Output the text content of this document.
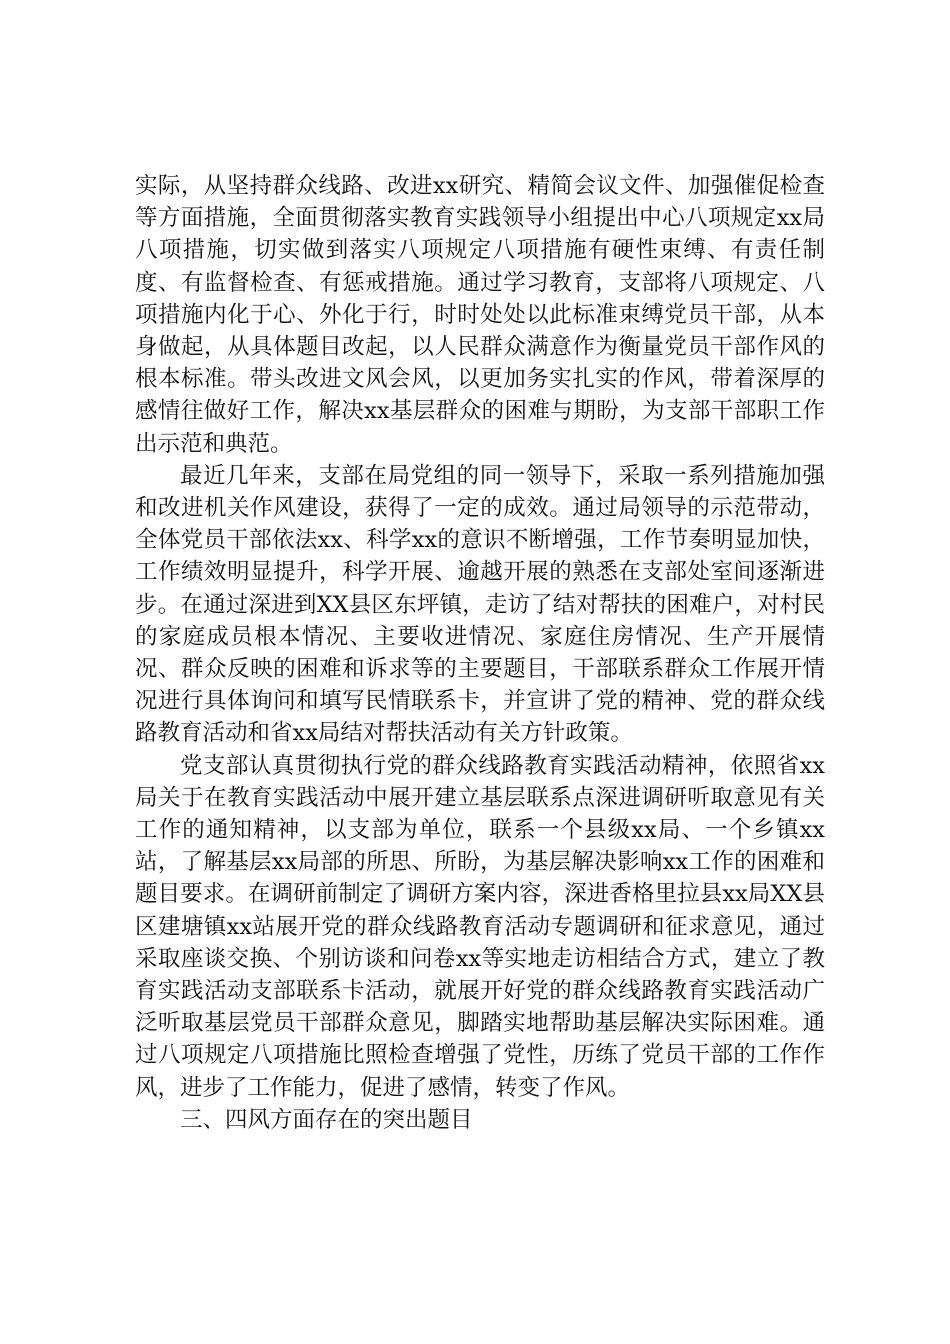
实际，从坚持群众线路、改进xx研究、精简会议文件、加强催促检查等方面措施，全面贯彻落实教育实践领导小组提出中心八项规定xx局八项措施，切实做到落实八项规定八项措施有硬性束缚、有责任制度、有监督检查、有惩戒措施。通过学习教育，支部将八项规定、八项措施内化于心、外化于行，时时处处以此标准束缚党员干部，从本身做起，从具体题目改起，以人民群众满意作为衡量党员干部作风的根本标准。带头改进文风会风，以更加务实扎实的作风，带着深厚的感情往做好工作，解决xx基层群众的困难与期盼，为支部干部职工作出示范和典范。

最近几年来，支部在局党组的同一领导下，采取一系列措施加强和改进机关作风建设，获得了一定的成效。通过局领导的示范带动，全体党员干部依法xx、科学xx的意识不断增强，工作节奏明显加快，工作绩效明显提升，科学开展、逾越开展的熟悉在支部处室间逐渐进步。在通过深进到XX县区东坪镇，走访了结对帮扶的困难户，对村民的家庭成员根本情况、主要收进情况、家庭住房情况、生产开展情况、群众反映的困难和诉求等的主要题目，干部联系群众工作展开情况进行具体询问和填写民情联系卡，并宣讲了党的精神、党的群众线路教育活动和省xx局结对帮扶活动有关方针政策。

党支部认真贯彻执行党的群众线路教育实践活动精神，依照省xx局关于在教育实践活动中展开建立基层联系点深进调研听取意见有关工作的通知精神，以支部为单位，联系一个县级xx局、一个乡镇xx站，了解基层xx局部的所思、所盼，为基层解决影响xx工作的困难和题目要求。在调研前制定了调研方案内容，深进香格里拉县xx局XX县区建塘镇xx站展开党的群众线路教育活动专题调研和征求意见，通过采取座谈交换、个别访谈和问卷xx等实地走访相结合方式，建立了教育实践活动支部联系卡活动，就展开好党的群众线路教育实践活动广泛听取基层党员干部群众意见，脚踏实地帮助基层解决实际困难。通过八项规定八项措施比照检查增强了党性，历练了党员干部的工作作风，进步了工作能力，促进了感情，转变了作风。

三、四风方面存在的突出题目
